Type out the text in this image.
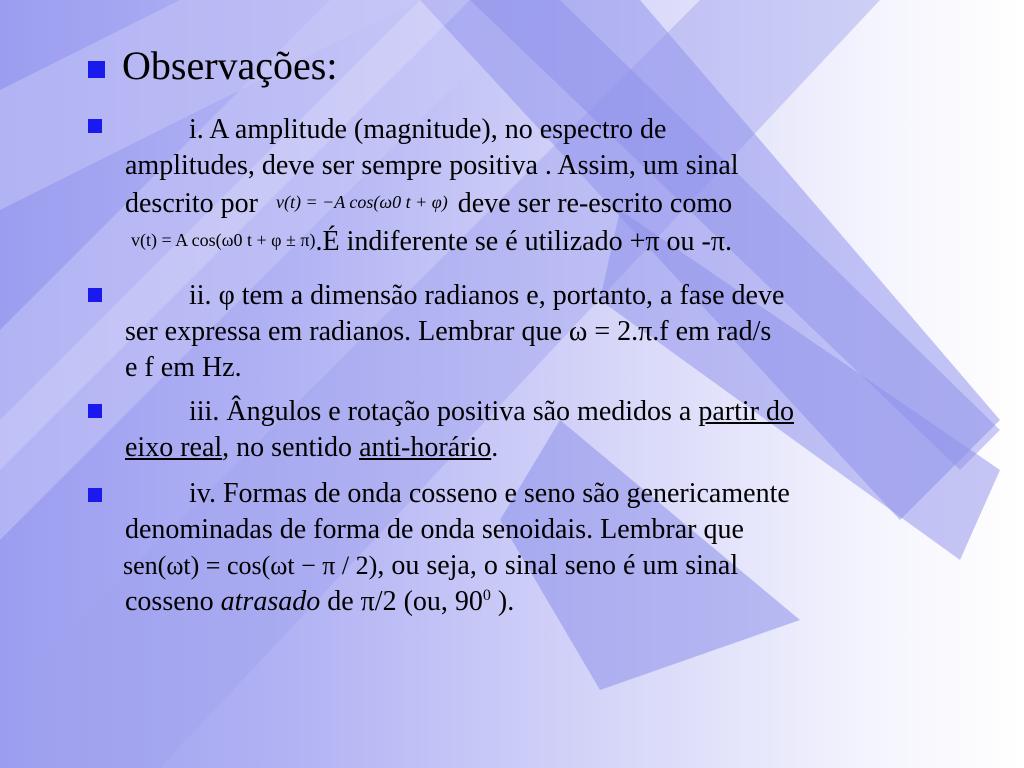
Observações:
i. A amplitude (magnitude), no espectro de
amplitudes, deve ser sempre positiva . Assim, um sinal
descrito por v(t) = −A cos(ω0 t + φ) deve ser re-escrito como
v(t) = A cos(ω0 t + φ ± π).É indiferente se é utilizado +π ou -π.
ii. φ tem a dimensão radianos e, portanto, a fase deve
ser expressa em radianos. Lembrar que ω = 2.π.f em rad/s
e f em Hz.
iii. Ângulos e rotação positiva são medidos a partir do
eixo real, no sentido anti-horário.
iv. Formas de onda cosseno e seno são genericamente
denominadas de forma de onda senoidais. Lembrar que
sen(ωt) = cos(ωt − π / 2), ou seja, o sinal seno é um sinal
cosseno atrasado de π/2 (ou, $90^0$ ).
